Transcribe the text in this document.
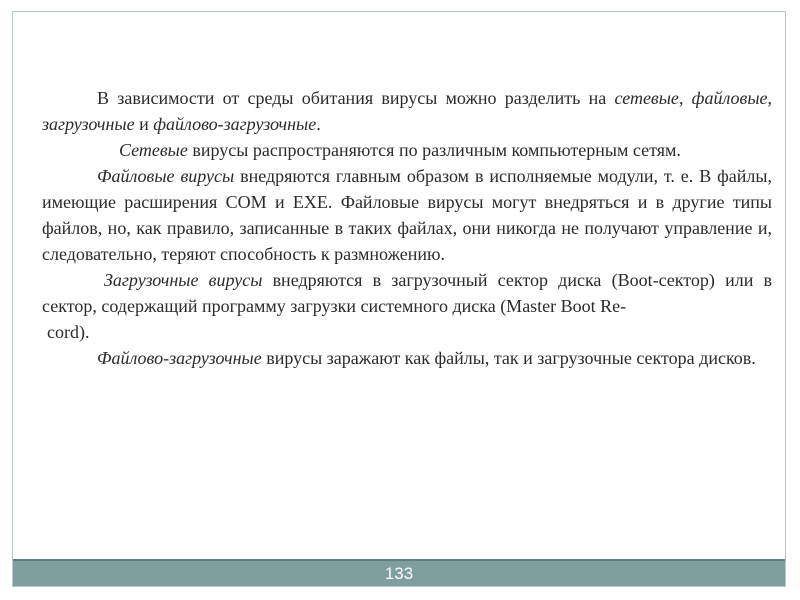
В зависимости от среды обитания вирусы можно разделить на сетевые, файловые, загрузочные и файлово-загрузочные.

Сетевые вирусы распространяются по различным компьютерным сетям.

Файловые вирусы внедряются главным образом в исполняемые модули, т. е. В файлы, имеющие расширения COM и EXE. Файловые вирусы могут внедряться и в другие типы файлов, но, как правило, записанные в таких файлах, они никогда не получают управление и, следовательно, теряют способность к размножению.

Загрузочные вирусы внедряются в загрузочный сектор диска (Boot-сектор) или в сектор, содержащий программу загрузки системного диска (Master Boot Re-

cord).

Файлово-загрузочные вирусы заражают как файлы, так и загрузочные сектора дисков.

133
